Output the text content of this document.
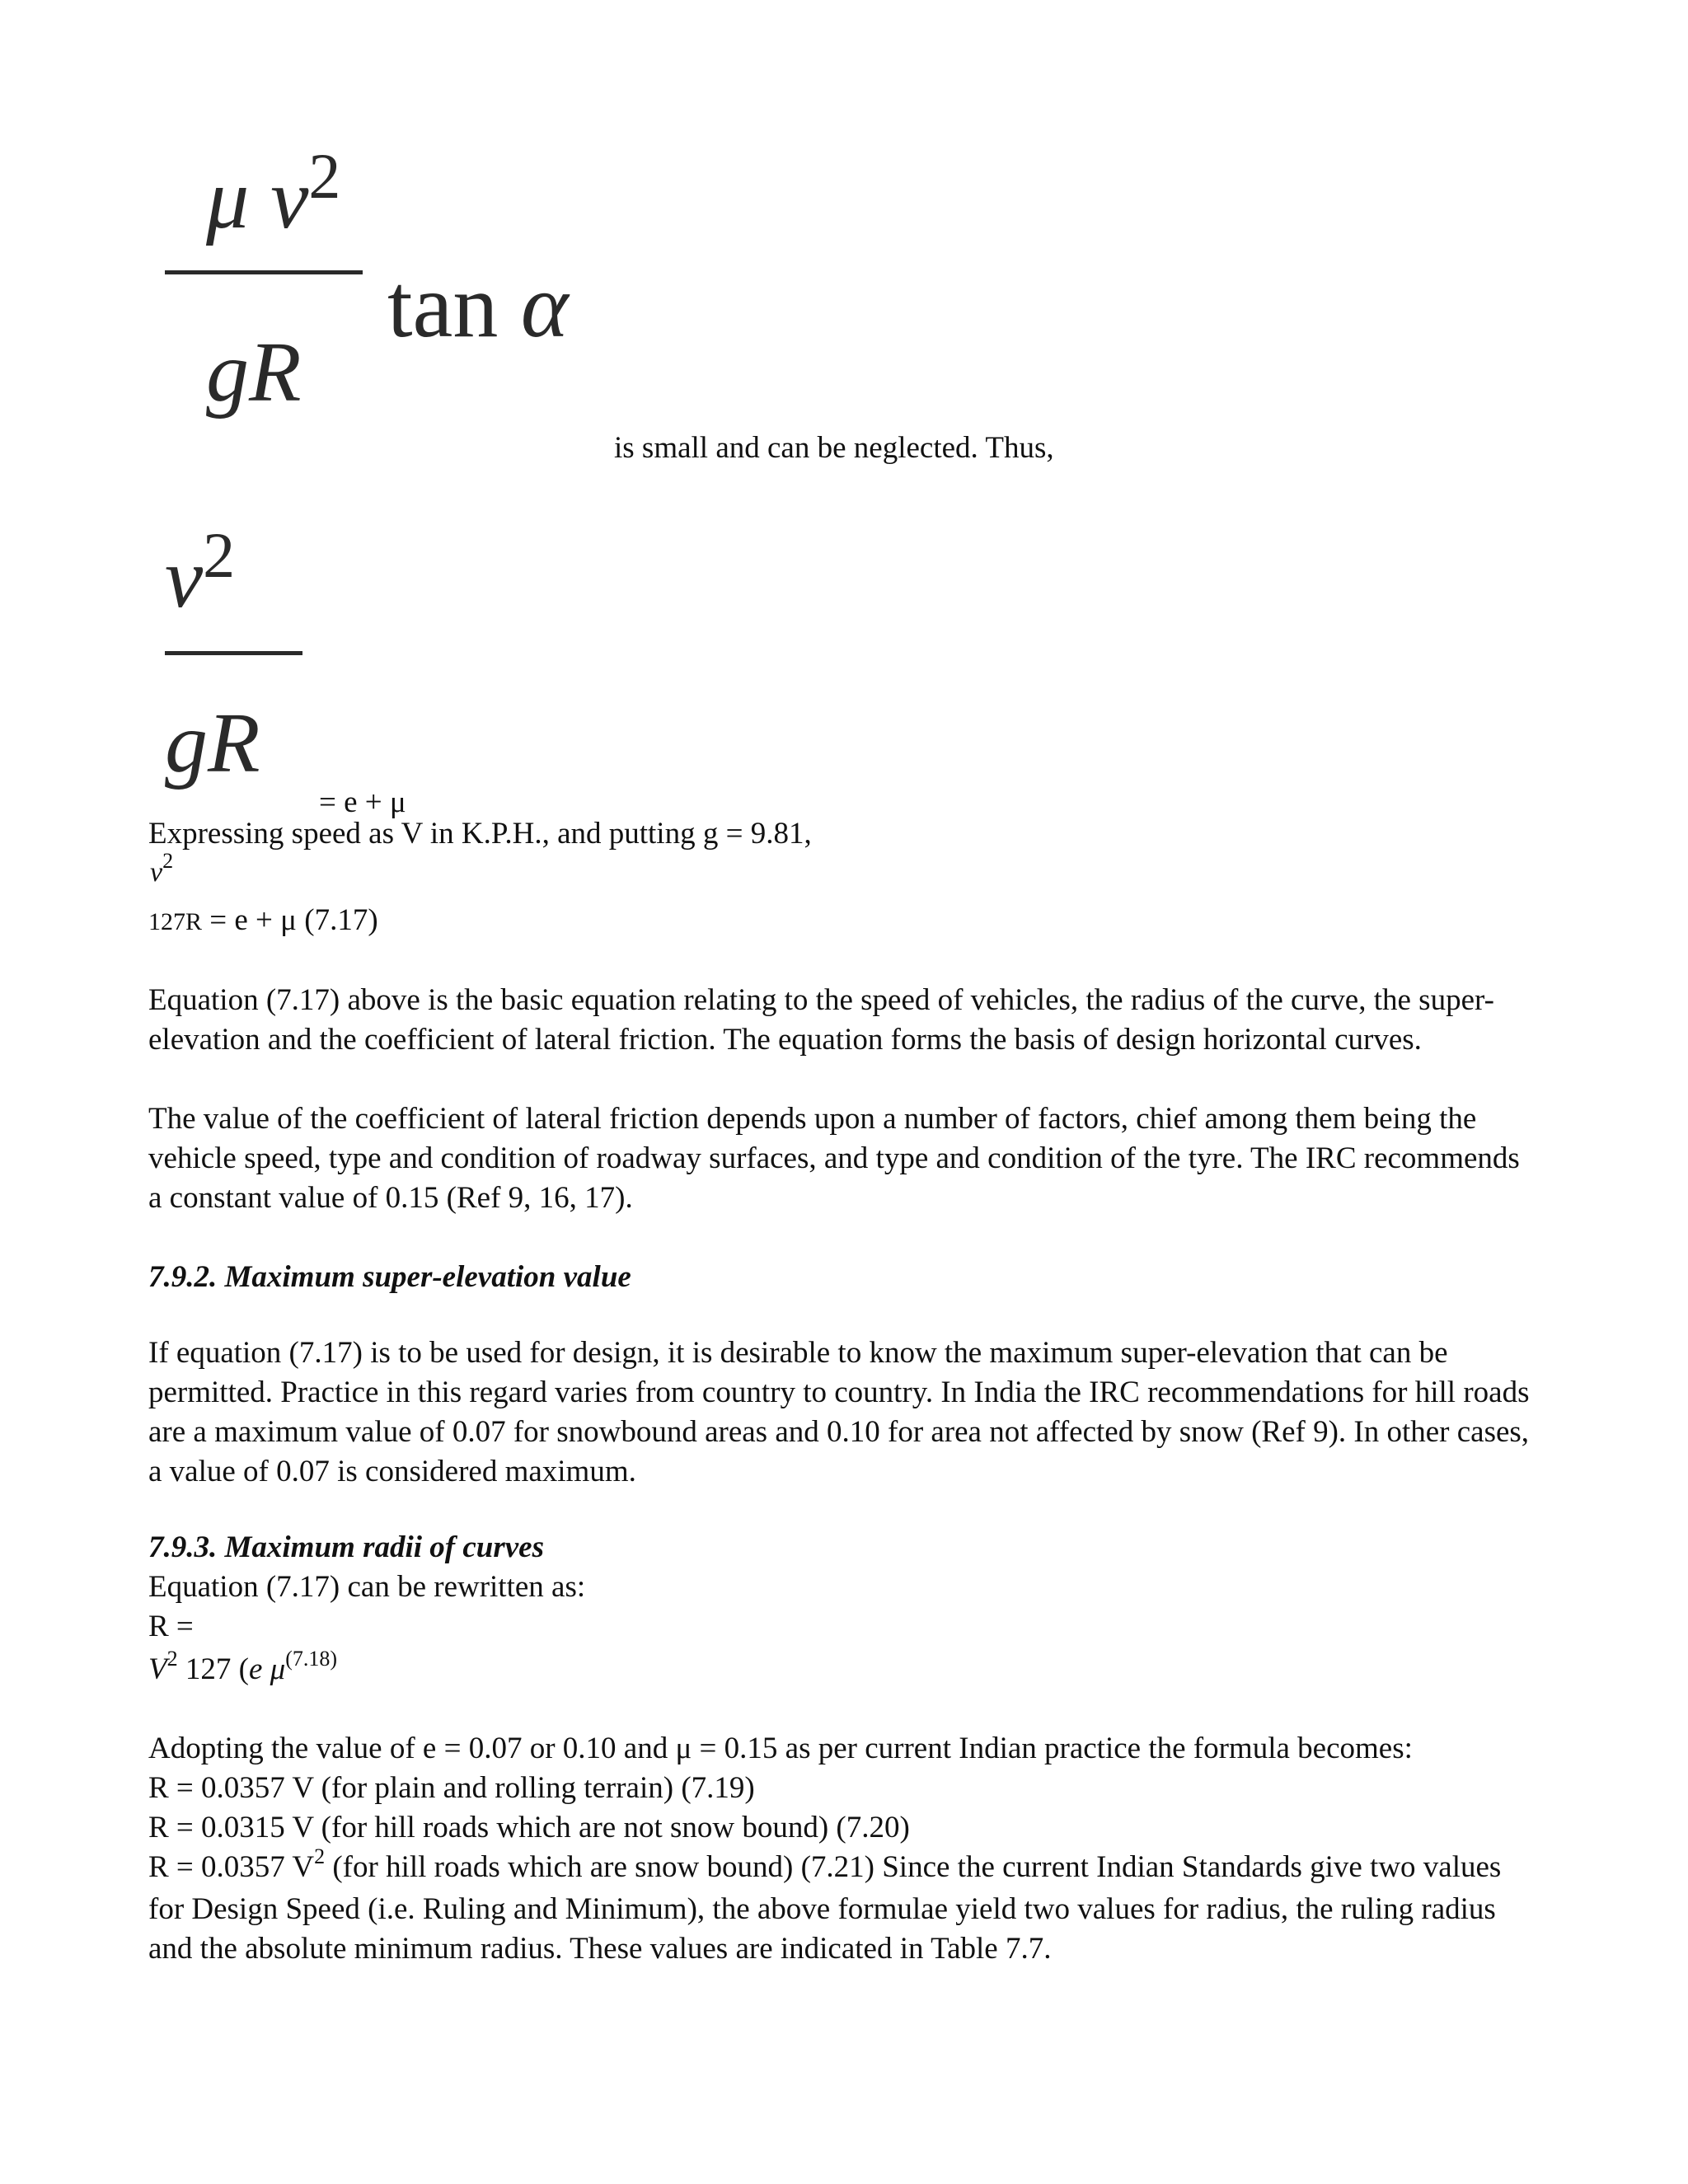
μ $v^2$
tan α
gR
is small and can be neglected. Thus,
$v^2$
gR
= e + μ
Expressing speed as V in K.P.H., and putting g = 9.81,
$v^2$
127R = e + μ (7.17)
Equation (7.17) above is the basic equation relating to the speed of vehicles, the radius of the curve, the super-elevation and the coefficient of lateral friction. The equation forms the basis of design horizontal curves.
The value of the coefficient of lateral friction depends upon a number of factors, chief among them being the vehicle speed, type and condition of roadway surfaces, and type and condition of the tyre. The IRC recommends a constant value of 0.15 (Ref 9, 16, 17).
7.9.2. Maximum super-elevation value
If equation (7.17) is to be used for design, it is desirable to know the maximum super-elevation that can be permitted. Practice in this regard varies from country to country. In India the IRC recommendations for hill roads are a maximum value of 0.07 for snowbound areas and 0.10 for area not affected by snow (Ref 9). In other cases, a value of 0.07 is considered maximum.
7.9.3. Maximum radii of curves
Equation (7.17) can be rewritten as:
R =
$V^2$ 127 (e $\mu^{(7.18)}$
Adopting the value of e = 0.07 or 0.10 and μ = 0.15 as per current Indian practice the formula becomes:
R = 0.0357 V (for plain and rolling terrain) (7.19)
R = 0.0315 V (for hill roads which are not snow bound) (7.20)
R = 0.0357 $V^2$ (for hill roads which are snow bound) (7.21) Since the current Indian Standards give two values for Design Speed (i.e. Ruling and Minimum), the above formulae yield two values for radius, the ruling radius and the absolute minimum radius. These values are indicated in Table 7.7.
